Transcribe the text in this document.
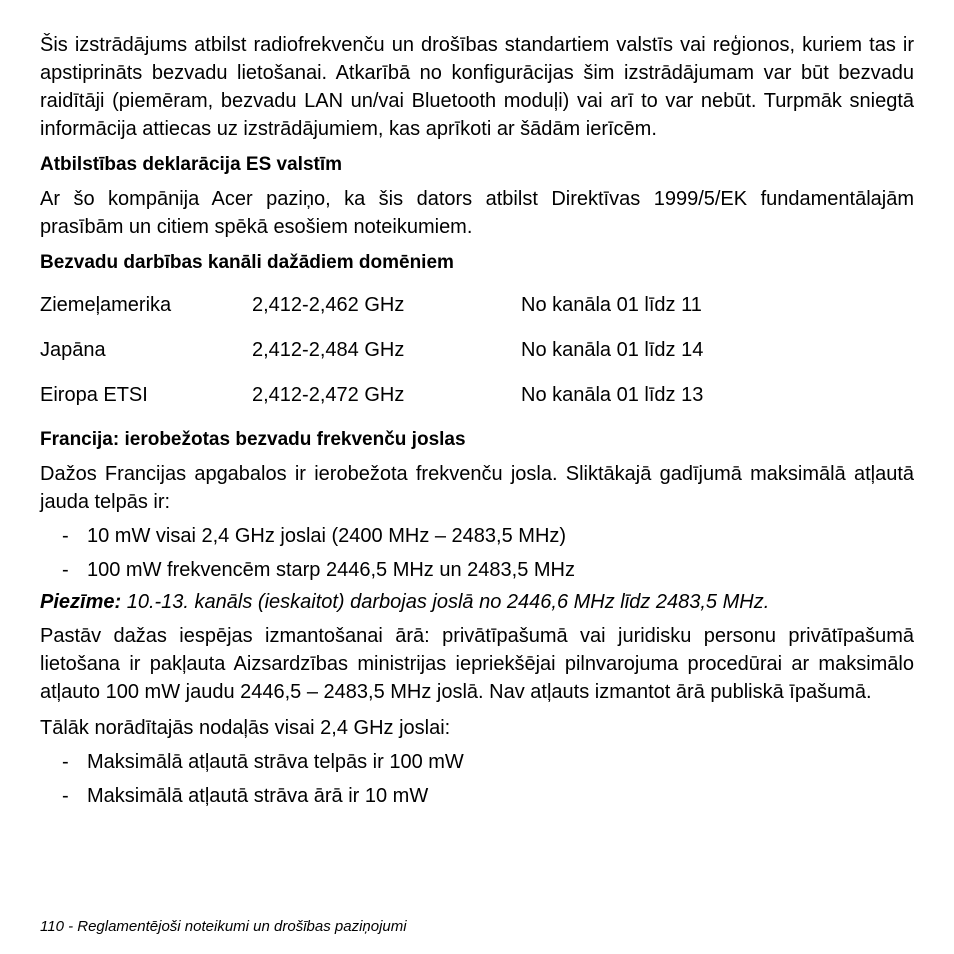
Šis izstrādājums atbilst radiofrekvenču un drošības standartiem valstīs vai reģionos, kuriem tas ir apstiprināts bezvadu lietošanai. Atkarībā no konfigurācijas šim izstrādājumam var būt bezvadu raidītāji (piemēram, bezvadu LAN un/vai Bluetooth moduļi) vai arī to var nebūt. Turpmāk sniegtā informācija attiecas uz izstrādājumiem, kas aprīkoti ar šādām ierīcēm.

Atbilstības deklarācija ES valstīm

Ar šo kompānija Acer paziņo, ka šis dators atbilst Direktīvas 1999/5/EK fundamentālajām prasībām un citiem spēkā esošiem noteikumiem.

Bezvadu darbības kanāli dažādiem domēniem

Ziemeļamerika	2,412-2,462 GHz	No kanāla 01 līdz 11
Japāna	2,412-2,484 GHz	No kanāla 01 līdz 14
Eiropa ETSI	2,412-2,472 GHz	No kanāla 01 līdz 13

Francija: ierobežotas bezvadu frekvenču joslas

Dažos Francijas apgabalos ir ierobežota frekvenču josla. Sliktākajā gadījumā maksimālā atļautā jauda telpās ir:

- 10 mW visai 2,4 GHz joslai (2400 MHz – 2483,5 MHz)
- 100 mW frekvencēm starp 2446,5 MHz un 2483,5 MHz

Piezīme: 10.-13. kanāls (ieskaitot) darbojas joslā no 2446,6 MHz līdz 2483,5 MHz.

Pastāv dažas iespējas izmantošanai ārā: privātīpašumā vai juridisku personu privātīpašumā lietošana ir pakļauta Aizsardzības ministrijas iepriekšējai pilnvarojuma procedūrai ar maksimālo atļauto 100 mW jaudu 2446,5 – 2483,5 MHz joslā. Nav atļauts izmantot ārā publiskā īpašumā.

Tālāk norādītajās nodaļās visai 2,4 GHz joslai:

- Maksimālā atļautā strāva telpās ir 100 mW
- Maksimālā atļautā strāva ārā ir 10 mW
110 - Reglamentējoši noteikumi un drošības paziņojumi
